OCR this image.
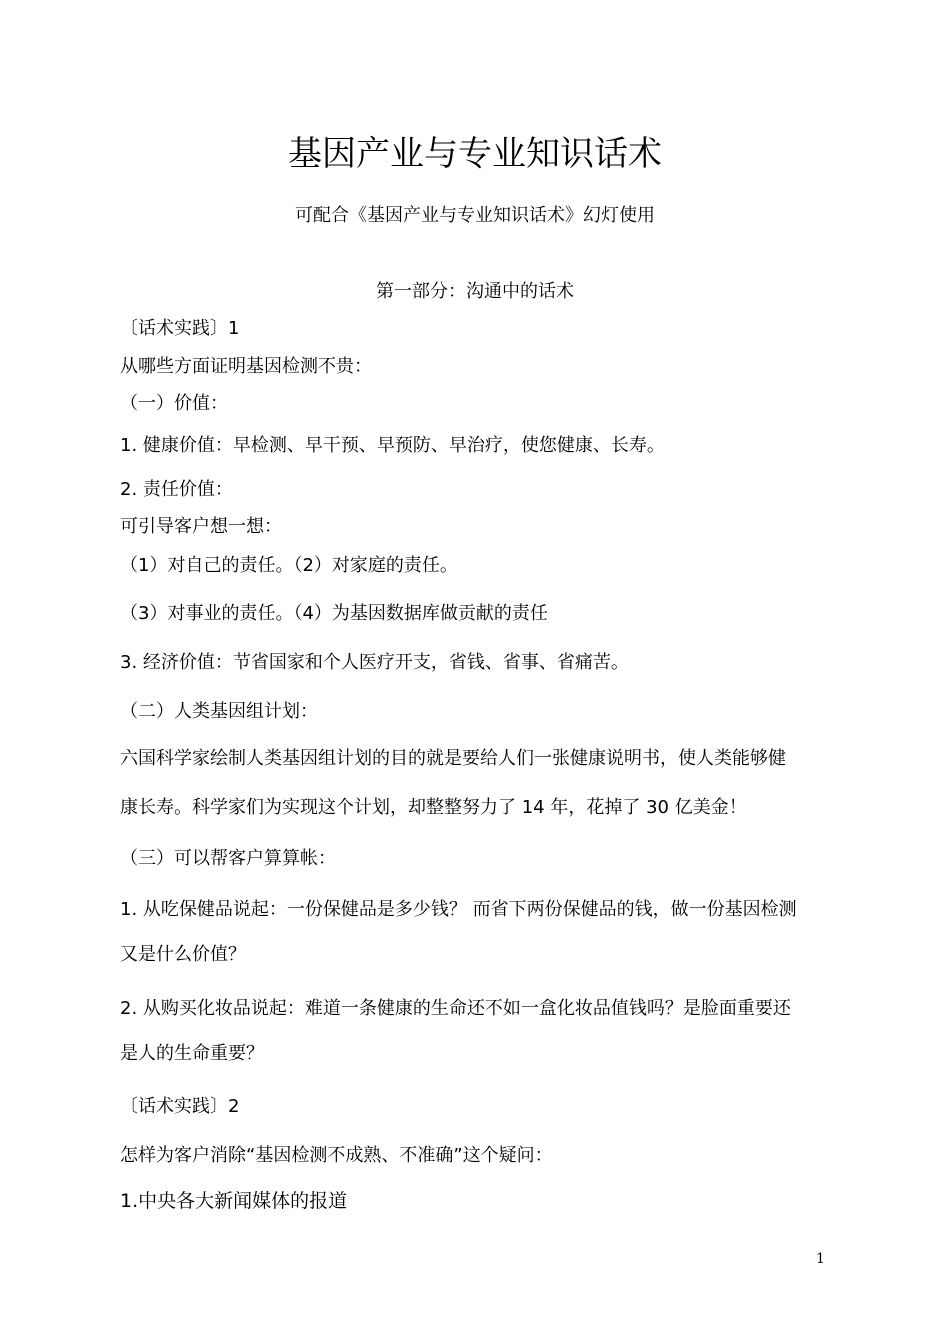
基因产业与专业知识话术
可配合《基因产业与专业知识话术》幻灯使用
第一部分：沟通中的话术
〔话术实践〕1
从哪些方面证明基因检测不贵：
（一）价值：
1. 健康价值：早检测、早干预、早预防、早治疗，使您健康、长寿。
2. 责任价值：
可引导客户想一想：
（1）对自己的责任。（2）对家庭的责任。
（3）对事业的责任。（4）为基因数据库做贡献的责任
3. 经济价值：节省国家和个人医疗开支，省钱、省事、省痛苦。
（二）人类基因组计划：
六国科学家绘制人类基因组计划的目的就是要给人们一张健康说明书，使人类能够健
康长寿。科学家们为实现这个计划，却整整努力了 14 年，花掉了 30 亿美金！
（三）可以帮客户算算帐：
1. 从吃保健品说起：一份保健品是多少钱？ 而省下两份保健品的钱，做一份基因检测
又是什么价值？
2. 从购买化妆品说起：难道一条健康的生命还不如一盒化妆品值钱吗？是脸面重要还
是人的生命重要？
〔话术实践〕2
怎样为客户消除“基因检测不成熟、不准确”这个疑问：
1.中央各大新闻媒体的报道
1
